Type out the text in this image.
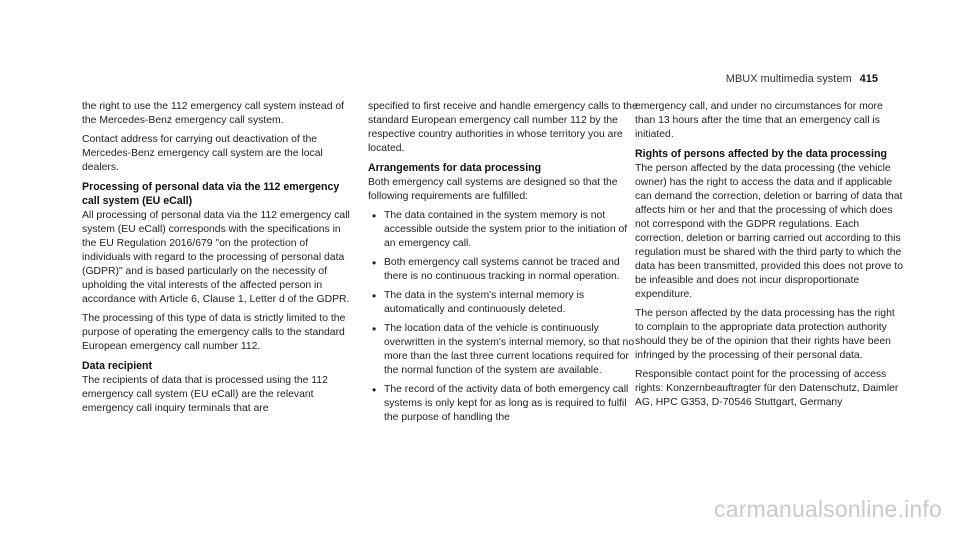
MBUX multimedia system 415

the right to use the 112 emergency call system instead of the Mercedes-Benz emergency call system.

Contact address for carrying out deactivation of the Mercedes-Benz emergency call system are the local dealers.

Processing of personal data via the 112 emergency call system (EU eCall)

All processing of personal data via the 112 emergency call system (EU eCall) corresponds with the specifications in the EU Regulation 2016/679 "on the protection of individuals with regard to the processing of personal data (GDPR)" and is based particularly on the necessity of upholding the vital interests of the affected person in accordance with Article 6, Clause 1, Letter d of the GDPR.

The processing of this type of data is strictly limited to the purpose of operating the emergency calls to the standard European emergency call number 112.

Data recipient

The recipients of data that is processed using the 112 emergency call system (EU eCall) are the relevant emergency call inquiry terminals that are

specified to first receive and handle emergency calls to the standard European emergency call number 112 by the respective country authorities in whose territory you are located.

Arrangements for data processing

Both emergency call systems are designed so that the following requirements are fulfilled:

• The data contained in the system memory is not accessible outside the system prior to the initiation of an emergency call.
• Both emergency call systems cannot be traced and there is no continuous tracking in normal operation.
• The data in the system's internal memory is automatically and continuously deleted.
• The location data of the vehicle is continuously overwritten in the system's internal memory, so that no more than the last three current locations required for the normal function of the system are available.
• The record of the activity data of both emergency call systems is only kept for as long as is required to fulfil the purpose of handling the

emergency call, and under no circumstances for more than 13 hours after the time that an emergency call is initiated.

Rights of persons affected by the data processing

The person affected by the data processing (the vehicle owner) has the right to access the data and if applicable can demand the correction, deletion or barring of data that affects him or her and that the processing of which does not correspond with the GDPR regulations. Each correction, deletion or barring carried out according to this regulation must be shared with the third party to which the data has been transmitted, provided this does not prove to be infeasible and does not incur disproportionate expenditure.

The person affected by the data processing has the right to complain to the appropriate data protection authority should they be of the opinion that their rights have been infringed by the processing of their personal data.

Responsible contact point for the processing of access rights: Konzernbeauftragter für den Datenschutz, Daimler AG, HPC G353, D-70546 Stuttgart, Germany

carmanualsonline.info
